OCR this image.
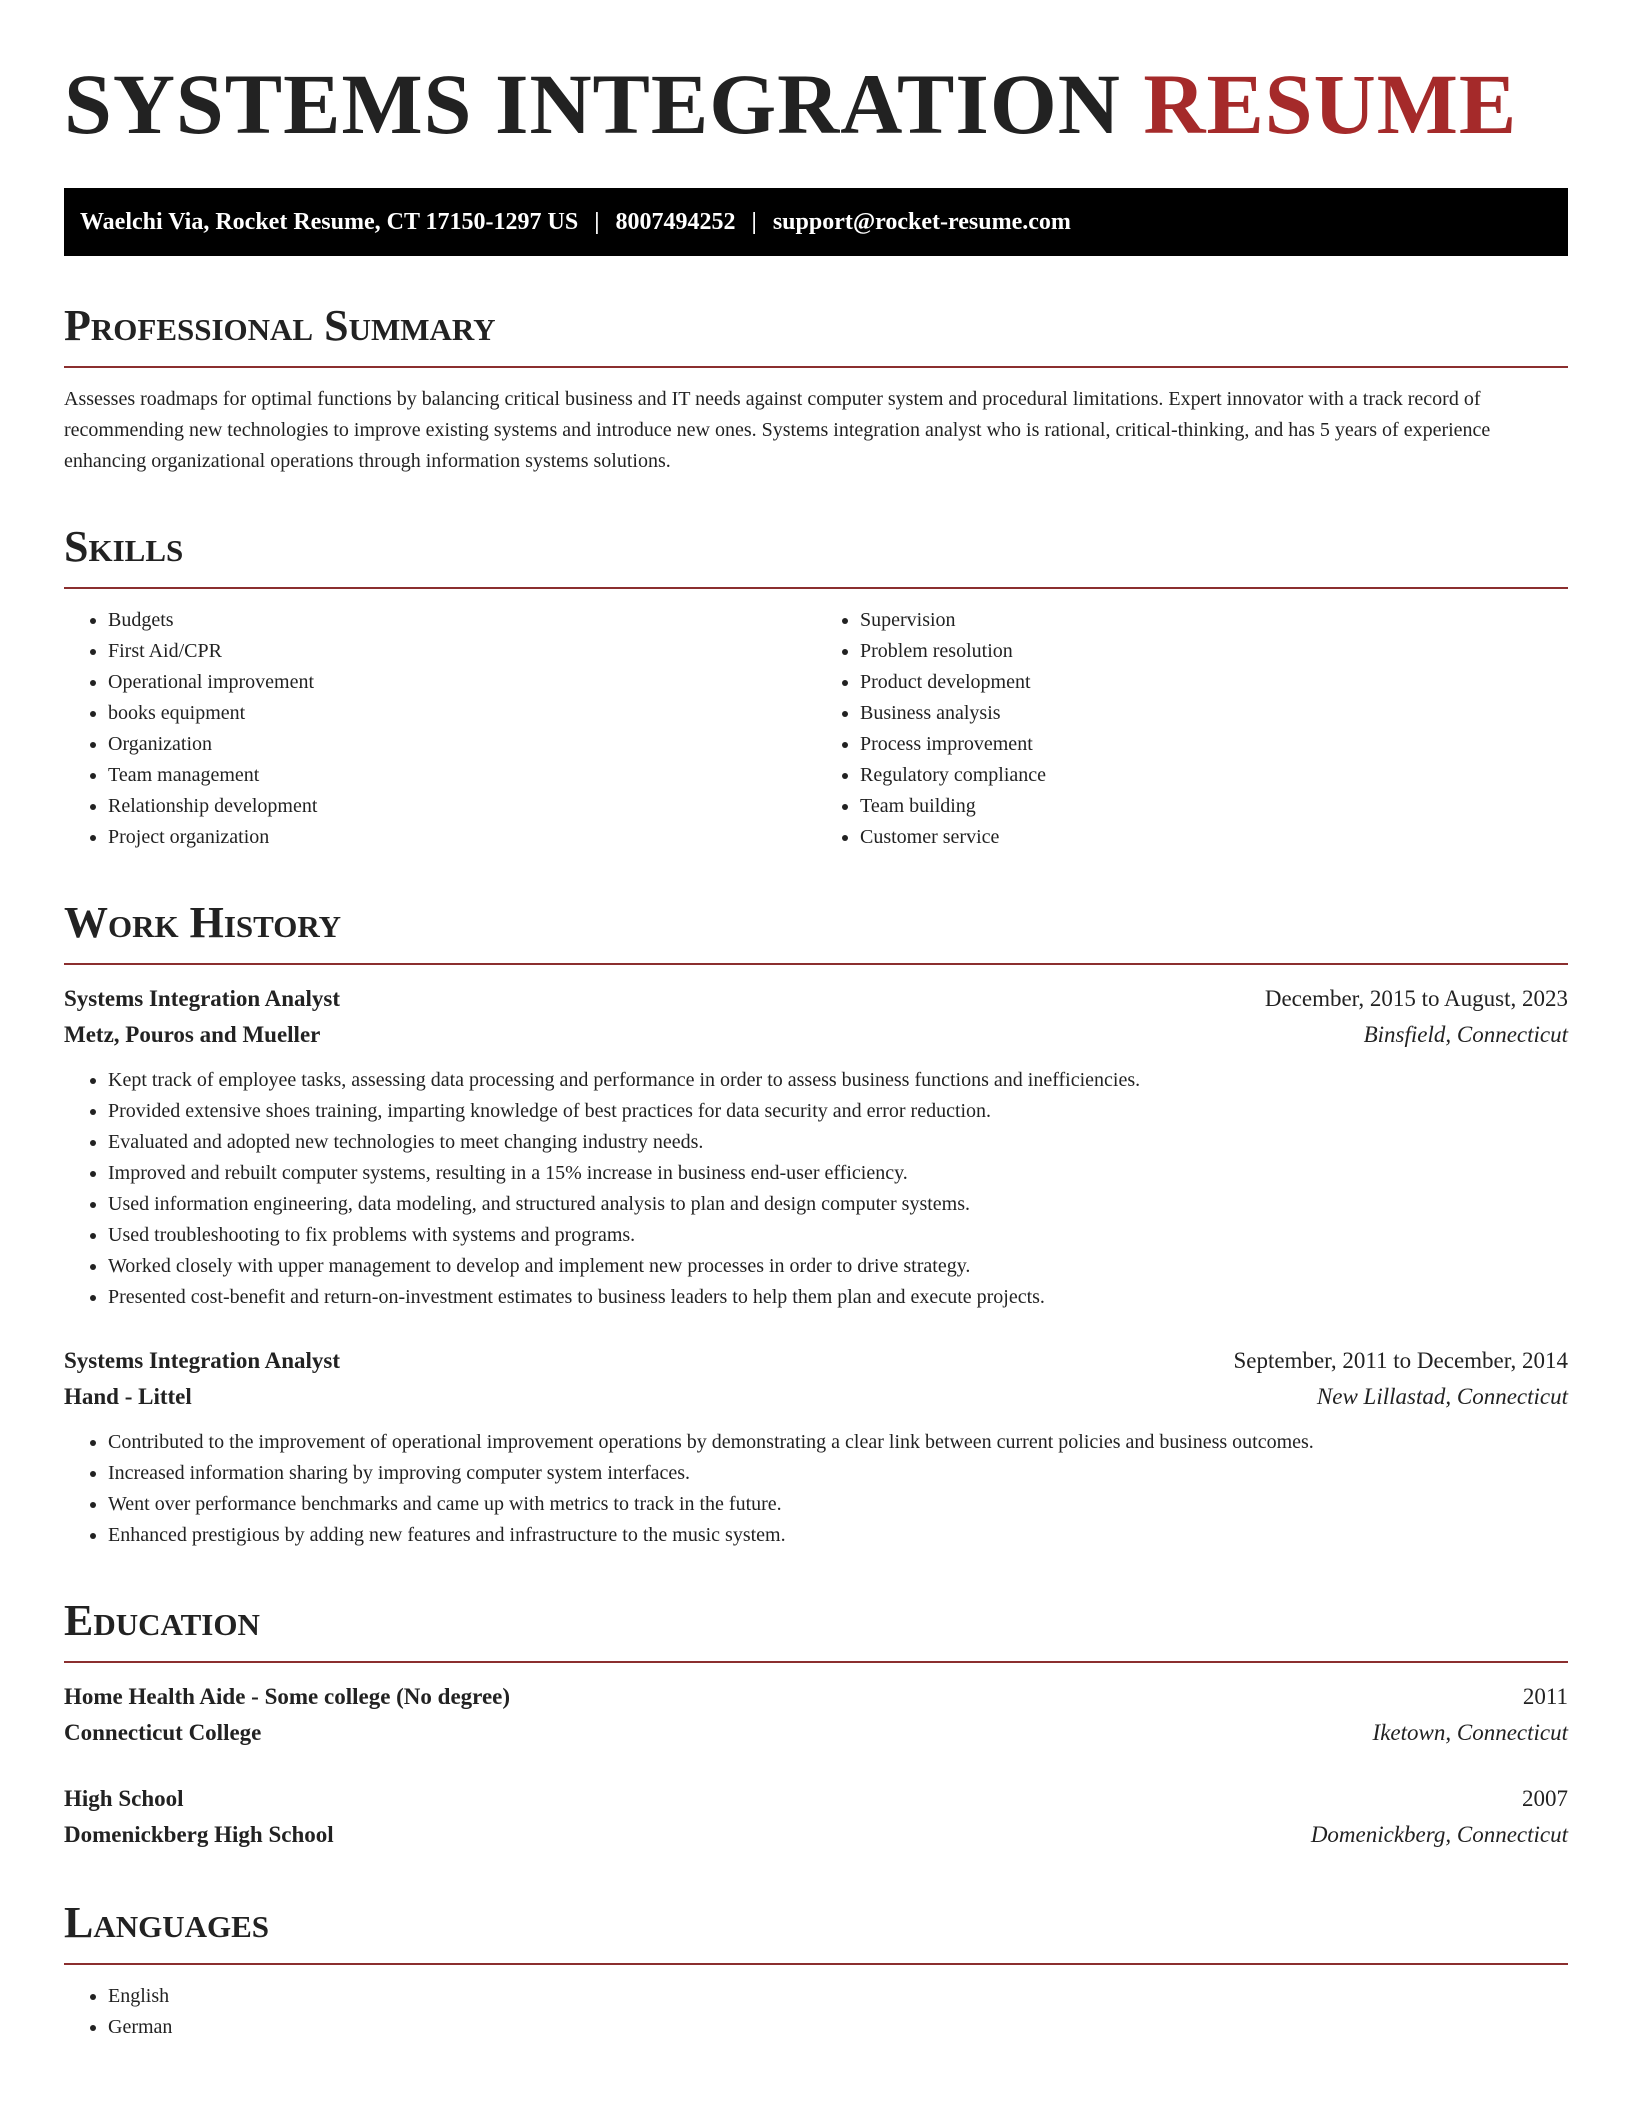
SYSTEMS INTEGRATION RESUME
Waelchi Via, Rocket Resume, CT 17150-1297 US | 8007494252 | support@rocket-resume.com
Professional Summary

Assesses roadmaps for optimal functions by balancing critical business and IT needs against computer system and procedural limitations. Expert innovator with a track record of recommending new technologies to improve existing systems and introduce new ones. Systems integration analyst who is rational, critical-thinking, and has 5 years of experience enhancing organizational operations through information systems solutions.

Skills
• Budgets
• First Aid/CPR
• Operational improvement
• books equipment
• Organization
• Team management
• Relationship development
• Project organization
• Supervision
• Problem resolution
• Product development
• Business analysis
• Process improvement
• Regulatory compliance
• Team building
• Customer service
Work History
Systems Integration Analyst	December, 2015 to August, 2023
Metz, Pouros and Mueller	Binsfield, Connecticut
• Kept track of employee tasks, assessing data processing and performance in order to assess business functions and inefficiencies.
• Provided extensive shoes training, imparting knowledge of best practices for data security and error reduction.
• Evaluated and adopted new technologies to meet changing industry needs.
• Improved and rebuilt computer systems, resulting in a 15% increase in business end-user efficiency.
• Used information engineering, data modeling, and structured analysis to plan and design computer systems.
• Used troubleshooting to fix problems with systems and programs.
• Worked closely with upper management to develop and implement new processes in order to drive strategy.
• Presented cost-benefit and return-on-investment estimates to business leaders to help them plan and execute projects.
Systems Integration Analyst	September, 2011 to December, 2014
Hand - Littel	New Lillastad, Connecticut
• Contributed to the improvement of operational improvement operations by demonstrating a clear link between current policies and business outcomes.
• Increased information sharing by improving computer system interfaces.
• Went over performance benchmarks and came up with metrics to track in the future.
• Enhanced prestigious by adding new features and infrastructure to the music system.
Education
Home Health Aide - Some college (No degree)	2011
Connecticut College	Iketown, Connecticut
High School	2007
Domenickberg High School	Domenickberg, Connecticut
Languages
• English
• German
